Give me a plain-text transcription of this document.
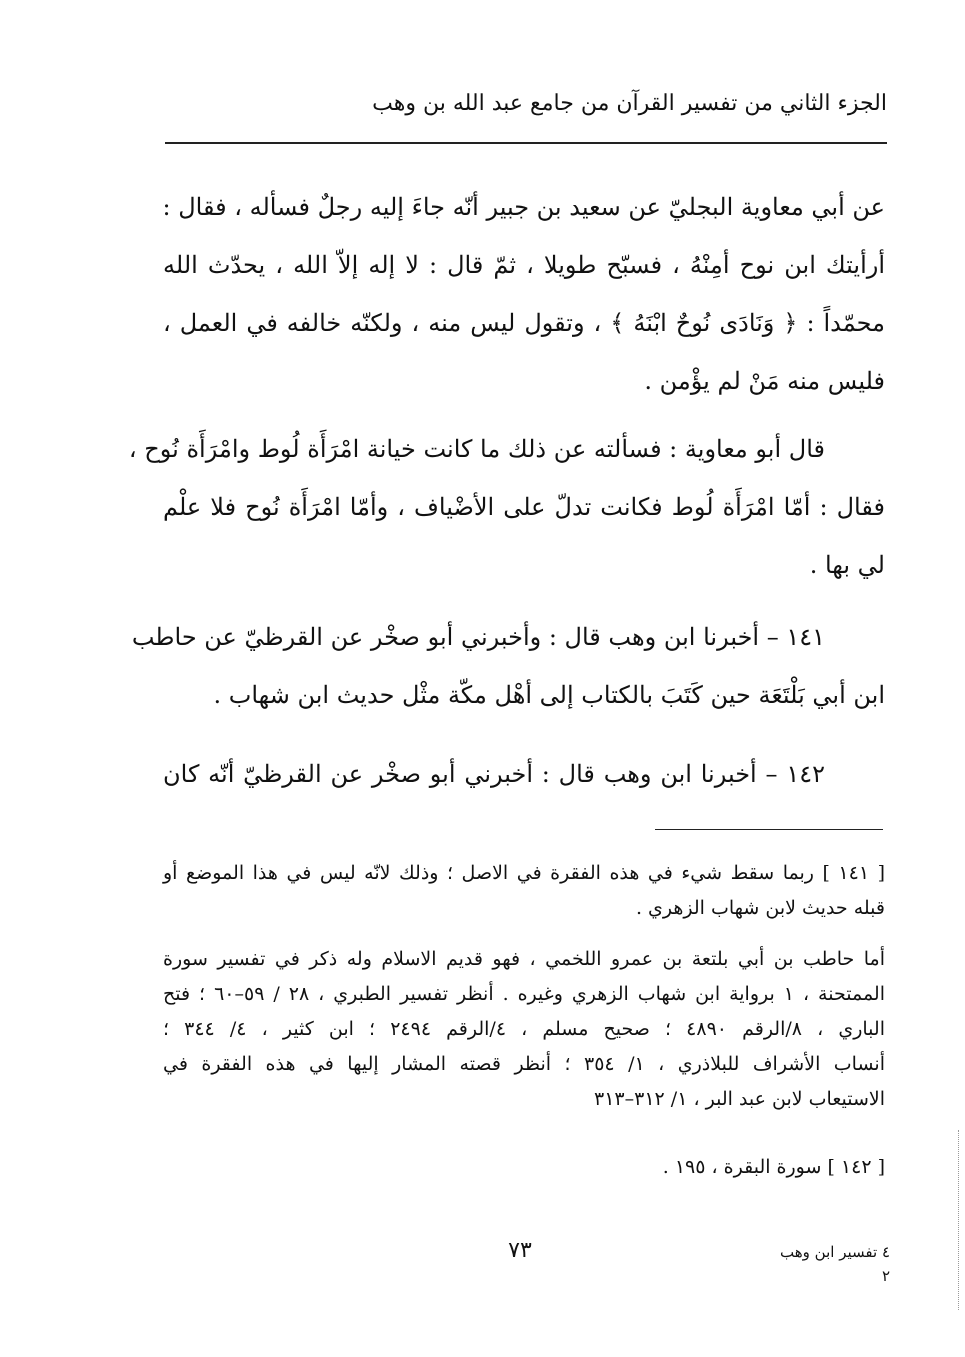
الجزء الثاني من تفسير القرآن من جامع عبد الله بن وهب
عن أبي معاوية البجليّ عن سعيد بن جبير أنّه جاءَ إليه رجلٌ فسأله ، فقال :
أرأيتك ابن نوح أمِنْهُ ، فسبّح طويلا ، ثمّ قال : لا إله إلاّ الله ، يحدّث الله
محمّداً : ﴿ وَنَادَى نُوحٌ ابْنَهُ ﴾ ، وتقول ليس منه ، ولكنّه خالفه في العمل ،
فليس منه مَنْ لم يؤْمن .
قال أبو معاوية : فسألته عن ذلك ما كانت خيانة امْرَأَة لُوط وامْرَأَة نُوح ،
فقال : أمّا امْرَأَة لُوط فكانت تدلّ على الأضْياف ، وأمّا امْرَأَة نُوح فلا علْم
لي بها .
١٤١ – أخبرنا ابن وهب قال : وأخبرني أبو صخْر عن القرظيّ عن حاطب
ابن أبي بَلْتَعَة حين كَتَبَ بالكتاب إلى أهْل مكّة مثْل حديث ابن شهاب .
١٤٢ – أخبرنا ابن وهب قال : أخبرني أبو صخْر عن القرظيّ أنّه كان
[ ١٤١ ] ربما سقط شيء في هذه الفقرة في الاصل ؛ وذلك لانّه ليس في هذا الموضع أو
قبله حديث لابن شهاب الزهري .
أما حاطب بن أبي بلتعة بن عمرو اللخمي ، فهو قديم الاسلام وله ذكر في تفسير سورة
الممتحنة ، ١ برواية ابن شهاب الزهري وغيره . أنظر تفسير الطبري ، ٢٨ / ٥٩–٦٠ ؛ فتح
الباري ، ٨/الرقم ٤٨٩٠ ؛ صحيح مسلم ، ٤/الرقم ٢٤٩٤ ؛ ابن كثير ، ٤/ ٣٤٤ ؛
أنساب الأشراف للبلاذري ، ١/ ٣٥٤ ؛ أنظر قصته المشار إليها في هذه الفقرة في
الاستيعاب لابن عبد البر ، ١/ ٣١٢–٣١٣
[ ١٤٢ ] سورة البقرة ، ١٩٥ .
٧٣	٤ تفسير ابن وهب ٢
